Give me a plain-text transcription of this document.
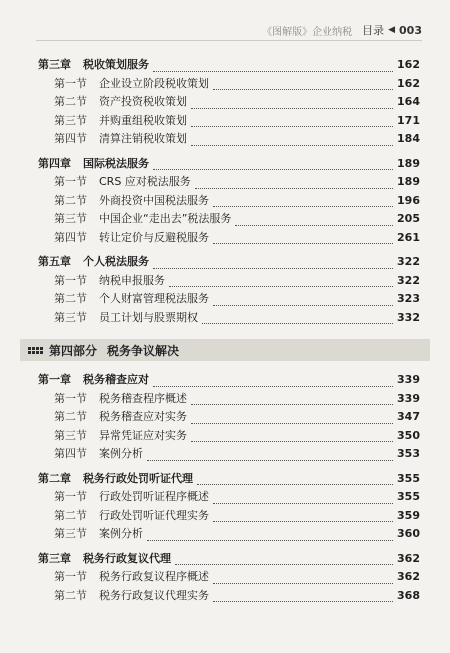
《图解版》企业纳税 目录 ◀ 003
第三章 税收策划服务	162
第一节 企业设立阶段税收策划	162
第二节 资产投资税收策划	164
第三节 并购重组税收策划	171
第四节 清算注销税收策划	184
第四章 国际税法服务	189
第一节 CRS 应对税法服务	189
第二节 外商投资中国税法服务	196
第三节 中国企业“走出去”税法服务	205
第四节 转让定价与反避税服务	261
第五章 个人税法服务	322
第一节 纳税申报服务	322
第二节 个人财富管理税法服务	323
第三节 员工计划与股票期权	332
第四部分 税务争议解决
第一章 税务稽查应对	339
第一节 税务稽查程序概述	339
第二节 税务稽查应对实务	347
第三节 异常凭证应对实务	350
第四节 案例分析	353
第二章 税务行政处罚听证代理	355
第一节 行政处罚听证程序概述	355
第二节 行政处罚听证代理实务	359
第三节 案例分析	360
第三章 税务行政复议代理	362
第一节 税务行政复议程序概述	362
第二节 税务行政复议代理实务	368
